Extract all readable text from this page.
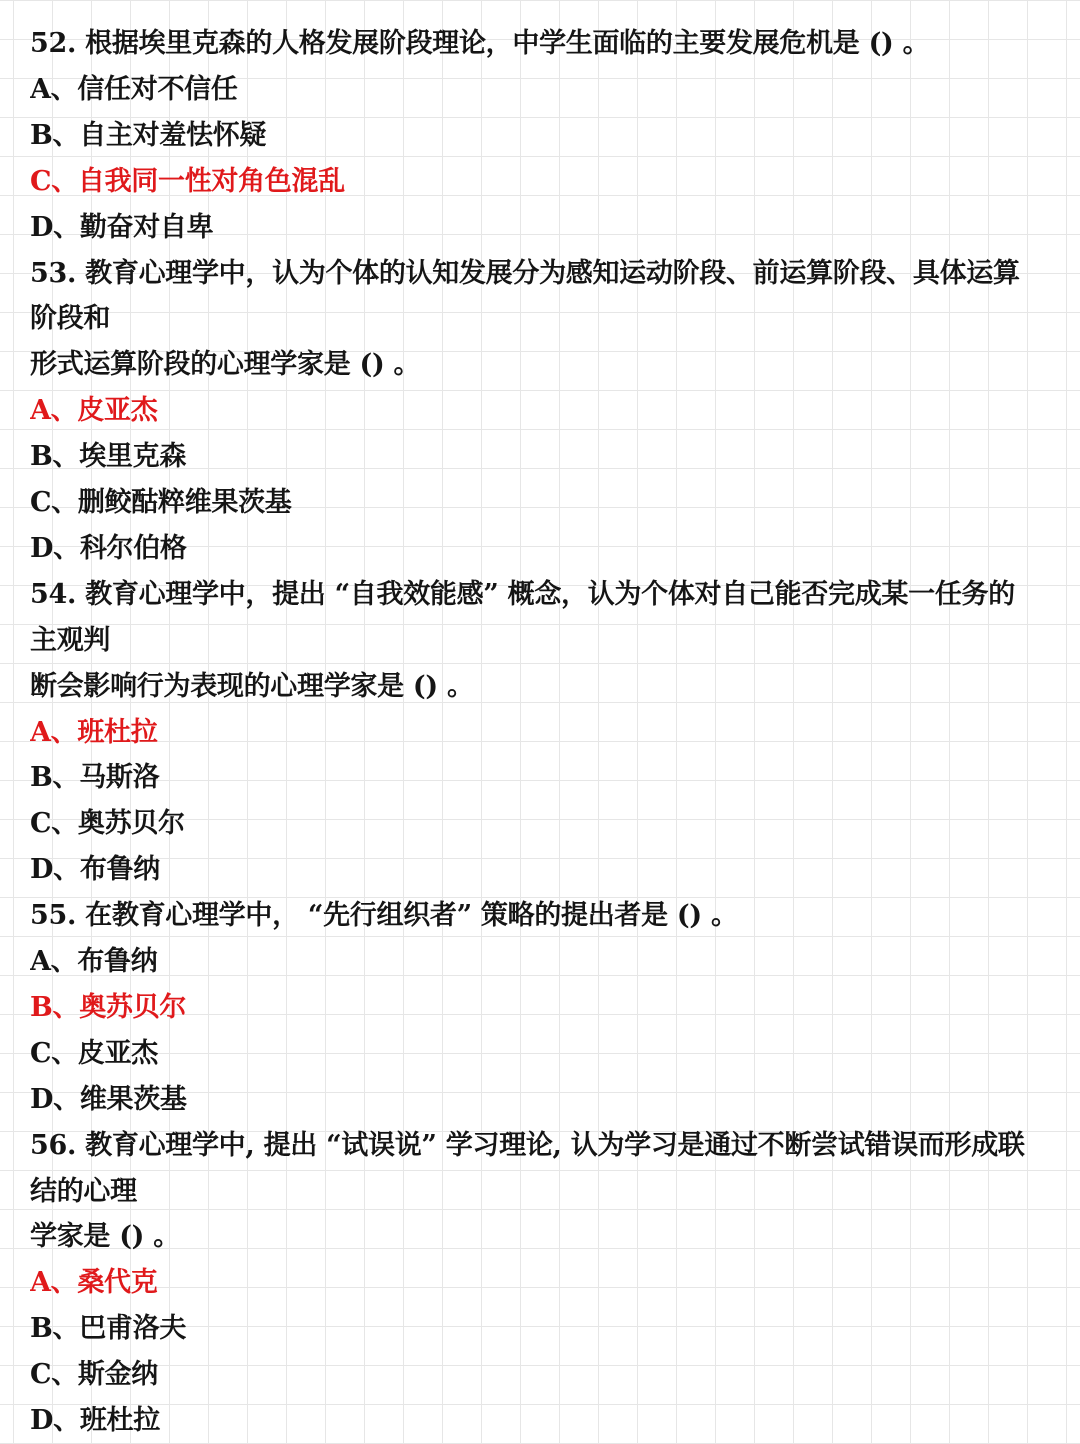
52. 根据埃里克森的人格发展阶段理论，中学生面临的主要发展危机是 () 。
A、信任对不信任
B、自主对羞怯怀疑
C、自我同一性对角色混乱
D、勤奋对自卑
53. 教育心理学中，认为个体的认知发展分为感知运动阶段、前运算阶段、具体运算
阶段和
形式运算阶段的心理学家是 () 。
A、皮亚杰
B、埃里克森
C、删鲛酤粹维果茨基
D、科尔伯格
54. 教育心理学中，提出 “自我效能感” 概念，认为个体对自己能否完成某一任务的
主观判
断会影响行为表现的心理学家是 () 。
A、班杜拉
B、马斯洛
C、奥苏贝尔
D、布鲁纳
55. 在教育心理学中， “先行组织者” 策略的提出者是 () 。
A、布鲁纳
B、奥苏贝尔
C、皮亚杰
D、维果茨基
56. 教育心理学中, 提出 “试误说” 学习理论, 认为学习是通过不断尝试错误而形成联
结的心理
学家是 () 。
A、桑代克
B、巴甫洛夫
C、斯金纳
D、班杜拉
